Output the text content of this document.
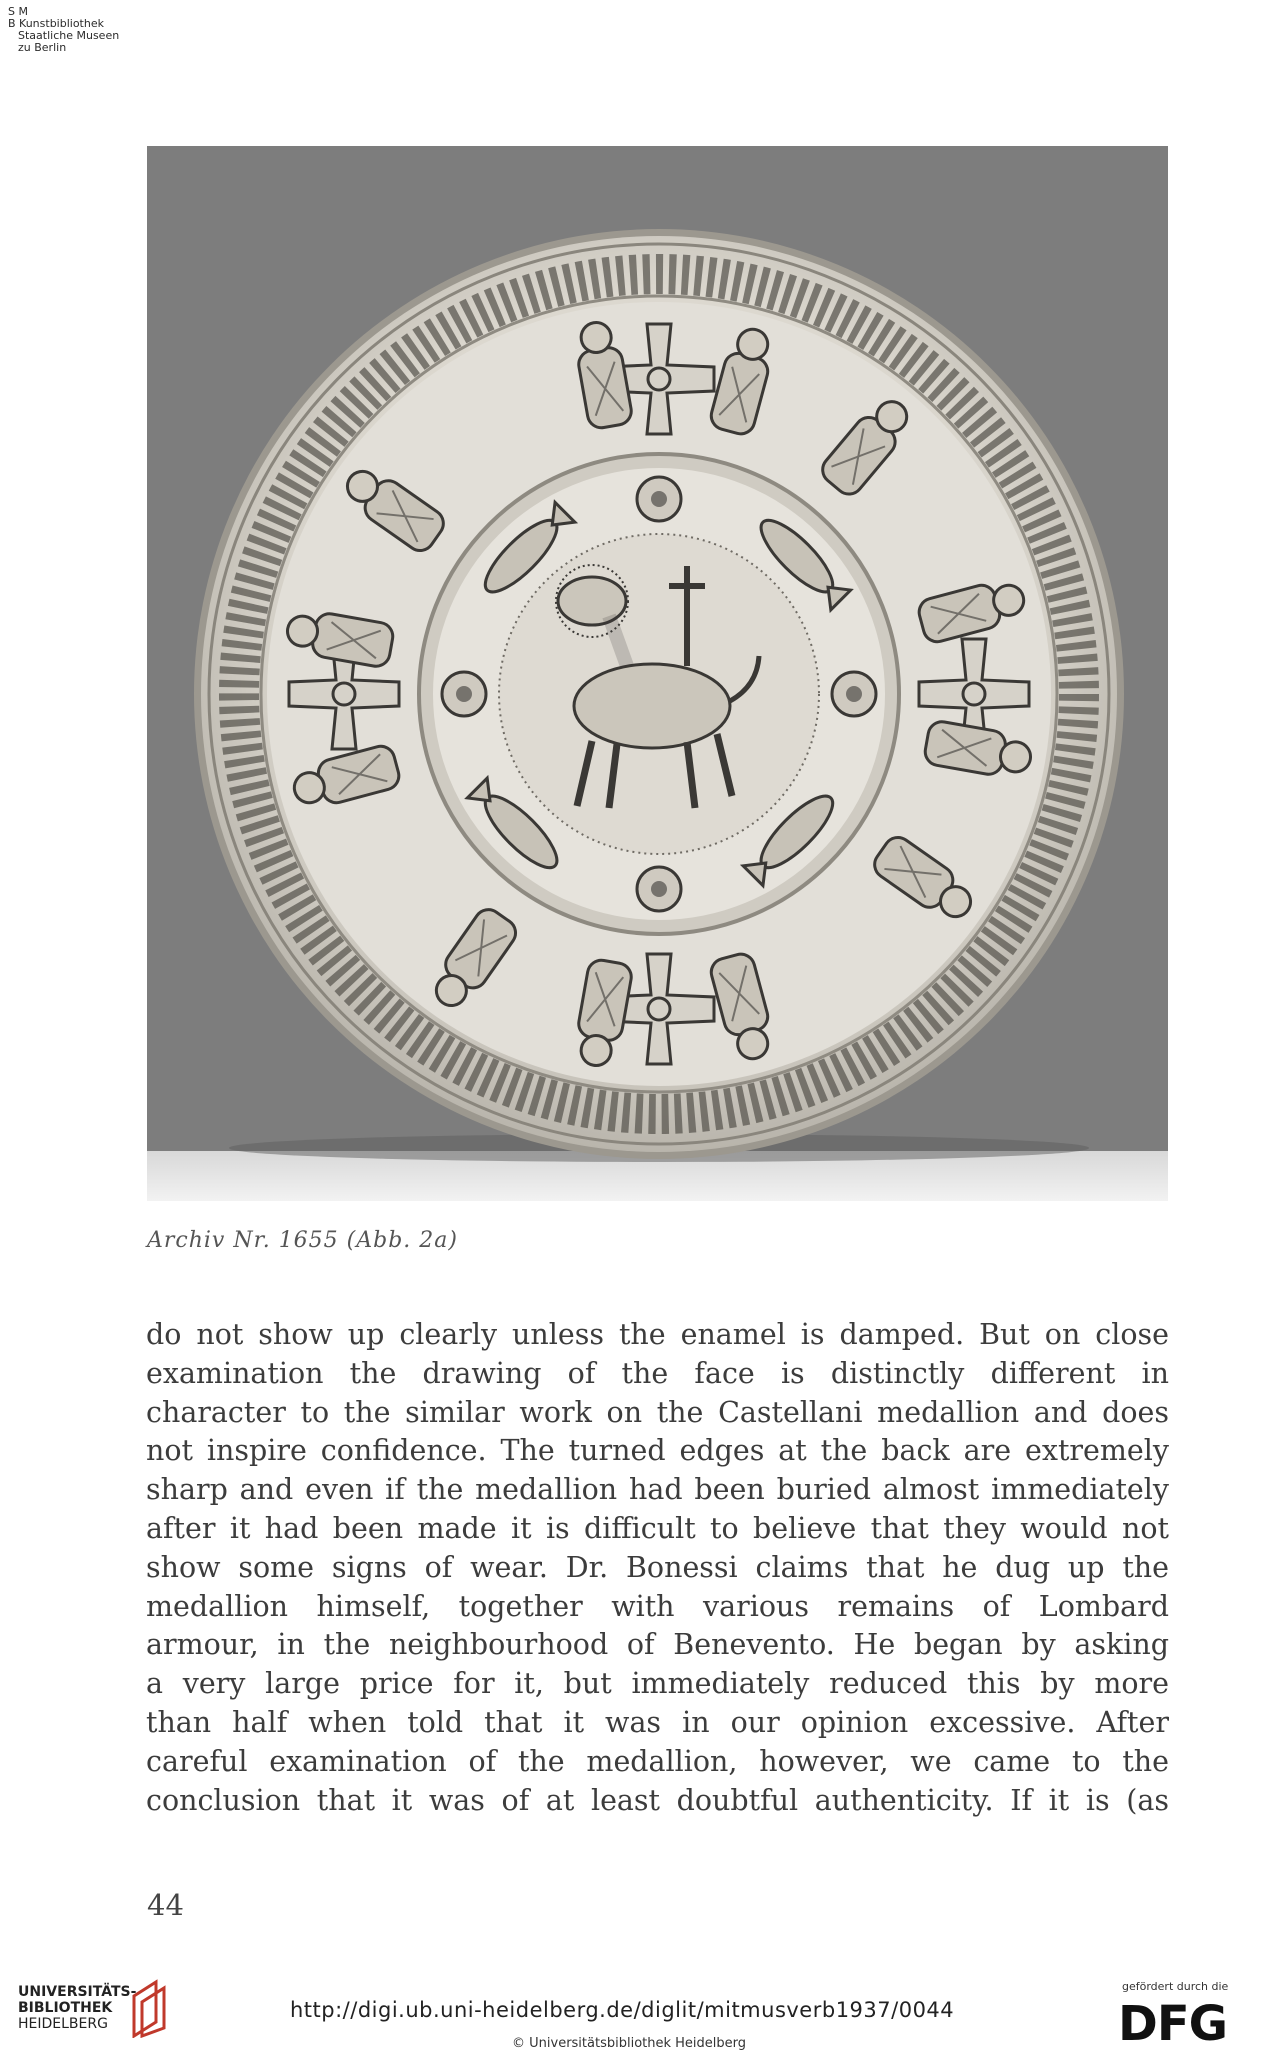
S M
B Kunstbibliothek
Staatliche Museen
zu Berlin
Archiv Nr. 1655 (Abb. 2a)
do not show up clearly unless the enamel is damped. But on close
examination the drawing of the face is distinctly different in
character to the similar work on the Castellani medallion and does
not inspire confidence. The turned edges at the back are extremely
sharp and even if the medallion had been buried almost immediately
after it had been made it is difficult to believe that they would not
show some signs of wear. Dr. Bonessi claims that he dug up the
medallion himself, together with various remains of Lombard
armour, in the neighbourhood of Benevento. He began by asking
a very large price for it, but immediately reduced this by more
than half when told that it was in our opinion excessive. After
careful examination of the medallion, however, we came to the
conclusion that it was of at least doubtful authenticity. If it is (as
44
UNIVERSITÄTS-
BIBLIOTHEK
HEIDELBERG
http://digi.ub.uni-heidelberg.de/diglit/mitmusverb1937/0044
© Universitätsbibliothek Heidelberg
gefördert durch die
DFG
